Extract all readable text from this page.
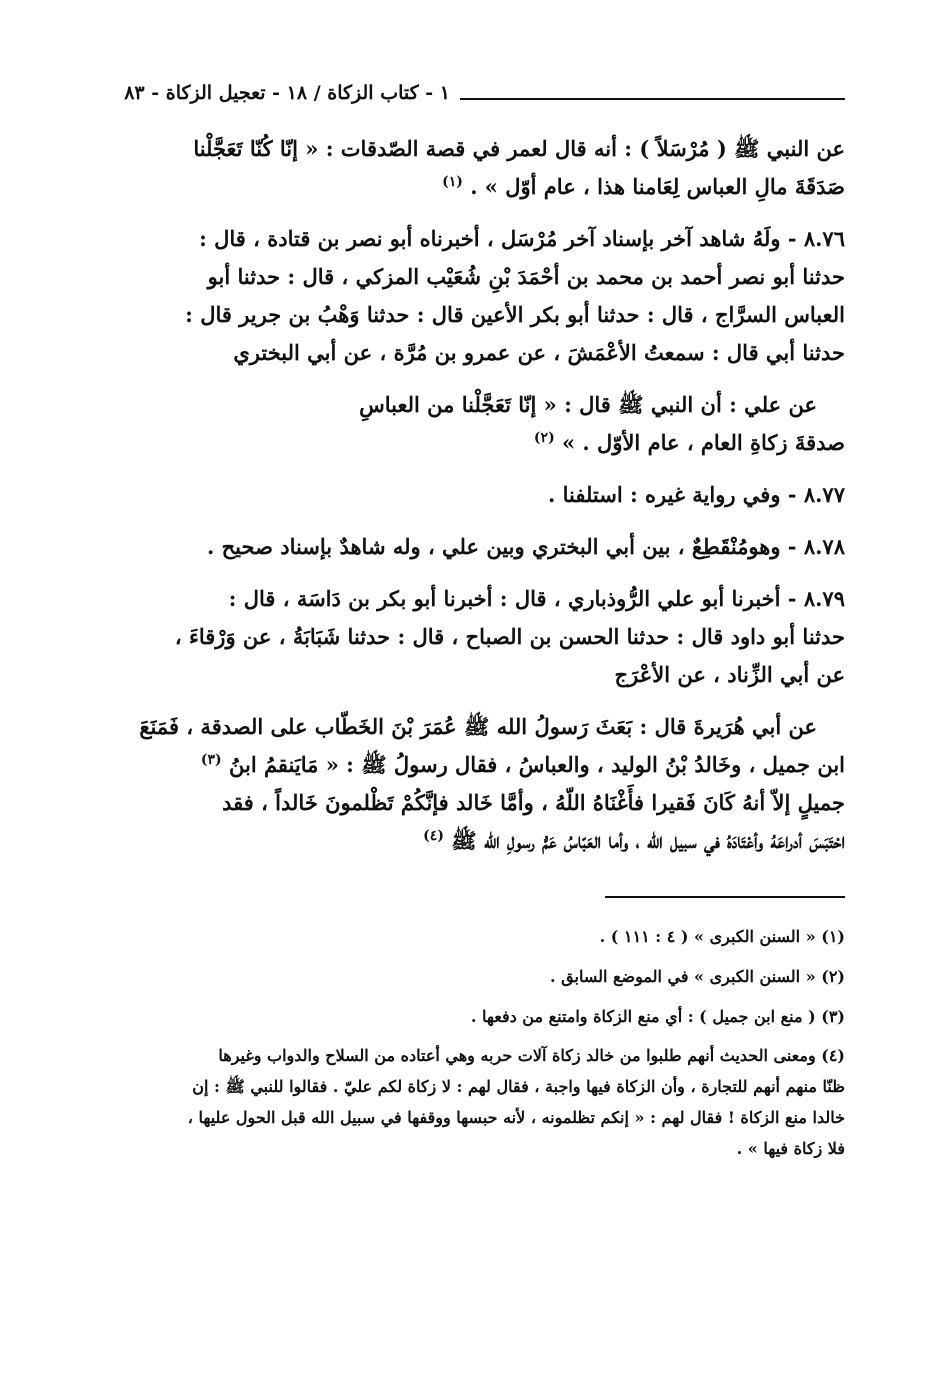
١ - كتاب الزكاة / ١٨ - تعجيل الزكاة - ٨٣

عن النبي ﷺ ( مُرْسَلاً ) : أنه قال لعمر في قصة الصّدقات : « إنّا كُنّا تَعَجَّلْنا
صَدَقَةَ مالِ العباس لِعَامنا هذا ، عام أوّل » . $^{(١)}$

٨.٧٦ - ولَهُ شاهد آخر بإسناد آخر مُرْسَل ، أخبرناه أبو نصر بن قتادة ، قال :
حدثنا أبو نصر أحمد بن محمد بن أحْمَدَ بْنِ شُعَيْب المزكي ، قال : حدثنا أبو
العباس السرَّاج ، قال : حدثنا أبو بكر الأعين قال : حدثنا وَهْبُ بن جرير قال :
حدثنا أبي قال : سمعتُ الأعْمَشَ ، عن عمرو بن مُرَّة ، عن أبي البختري

عن علي : أن النبي ﷺ قال : « إنّا تَعَجَّلْنا من العباسِ
صدقةَ زكاةِ العام ، عام الأوّل . » $^{(٢)}$

٨.٧٧ - وفي رواية غيره : استلفنا .

٨.٧٨ - وهومُنْقَطِعٌ ، بين أبي البختري وبين علي ، وله شاهدٌ بإسناد صحيح .

٨.٧٩ - أخبرنا أبو علي الرُّوذباري ، قال : أخبرنا أبو بكر بن دَاسَة ، قال :
حدثنا أبو داود قال : حدثنا الحسن بن الصباح ، قال : حدثنا شَبَابَةُ ، عن وَرْقاءَ ،
عن أبي الزِّناد ، عن الأعْرَج

عن أبي هُرَيرةَ قال : بَعَثَ رَسولُ الله ﷺ عُمَرَ بْنَ الخَطّاب على الصدقة ، فَمَنَعَ
ابن جميل ، وخَالدُ بْنُ الوليد ، والعباسُ ، فقال رسولُ ﷺ : « مَايَنقمُ ابنُ $^{(٣)}$
جميلٍ إلاّ أنهُ كَانَ فَقيرا فأَغْنَاهُ اللّهُ ، وأمَّا خَالد فإنَّكُمْ تَظْلمونَ خَالداً ، فقد
احْتَبَسَ أدراعَهُ وأعْتَادَهُ في سبيل الله ، وأما العَبّاسُ عَمُّ رسولِ الله ﷺ $^{(٤)}$

(١) « السنن الكبرى » ( ٤ : ١١١ ) .

(٢) « السنن الكبرى » في الموضع السابق .

(٣) ( منع ابن جميل ) : أي منع الزكاة وامتنع من دفعها .

(٤) ومعنى الحديث أنهم طلبوا من خالد زكاة آلات حربه وهي أعتاده من السلاح والدواب وغيرها
ظنّا منهم أنهم للتجارة ، وأن الزكاة فيها واجبة ، فقال لهم : لا زكاة لكم عليّ . فقالوا للنبي ﷺ : إن
خالدا منع الزكاة ! فقال لهم : « إنكم تظلمونه ، لأنه حبسها ووقفها في سبيل الله قبل الحول عليها ،
فلا زكاة فيها » .
